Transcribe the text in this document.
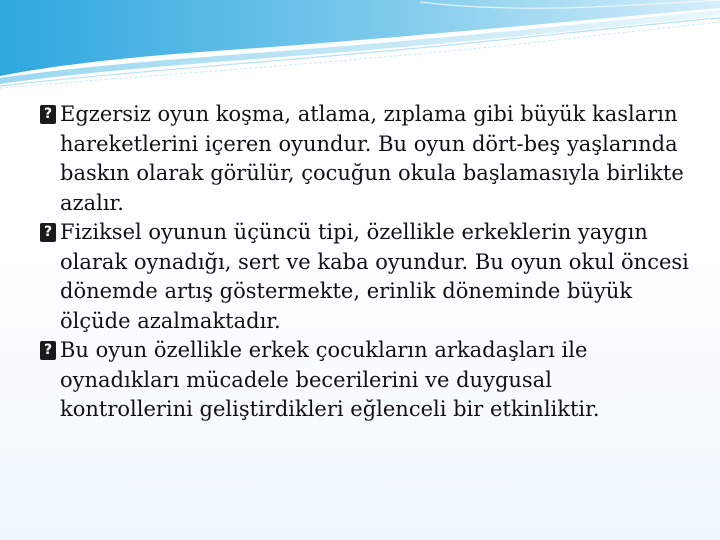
? Egzersiz oyun koşma, atlama, zıplama gibi büyük kasların hareketlerini içeren oyundur. Bu oyun dört-beş yaşlarında baskın olarak görülür, çocuğun okula başlamasıyla birlikte azalır.

? Fiziksel oyunun üçüncü tipi, özellikle erkeklerin yaygın olarak oynadığı, sert ve kaba oyundur. Bu oyun okul öncesi dönemde artış göstermekte, erinlik döneminde büyük ölçüde azalmaktadır.

? Bu oyun özellikle erkek çocukların arkadaşları ile oynadıkları mücadele becerilerini ve duygusal kontrollerini geliştirdikleri eğlenceli bir etkinliktir.
